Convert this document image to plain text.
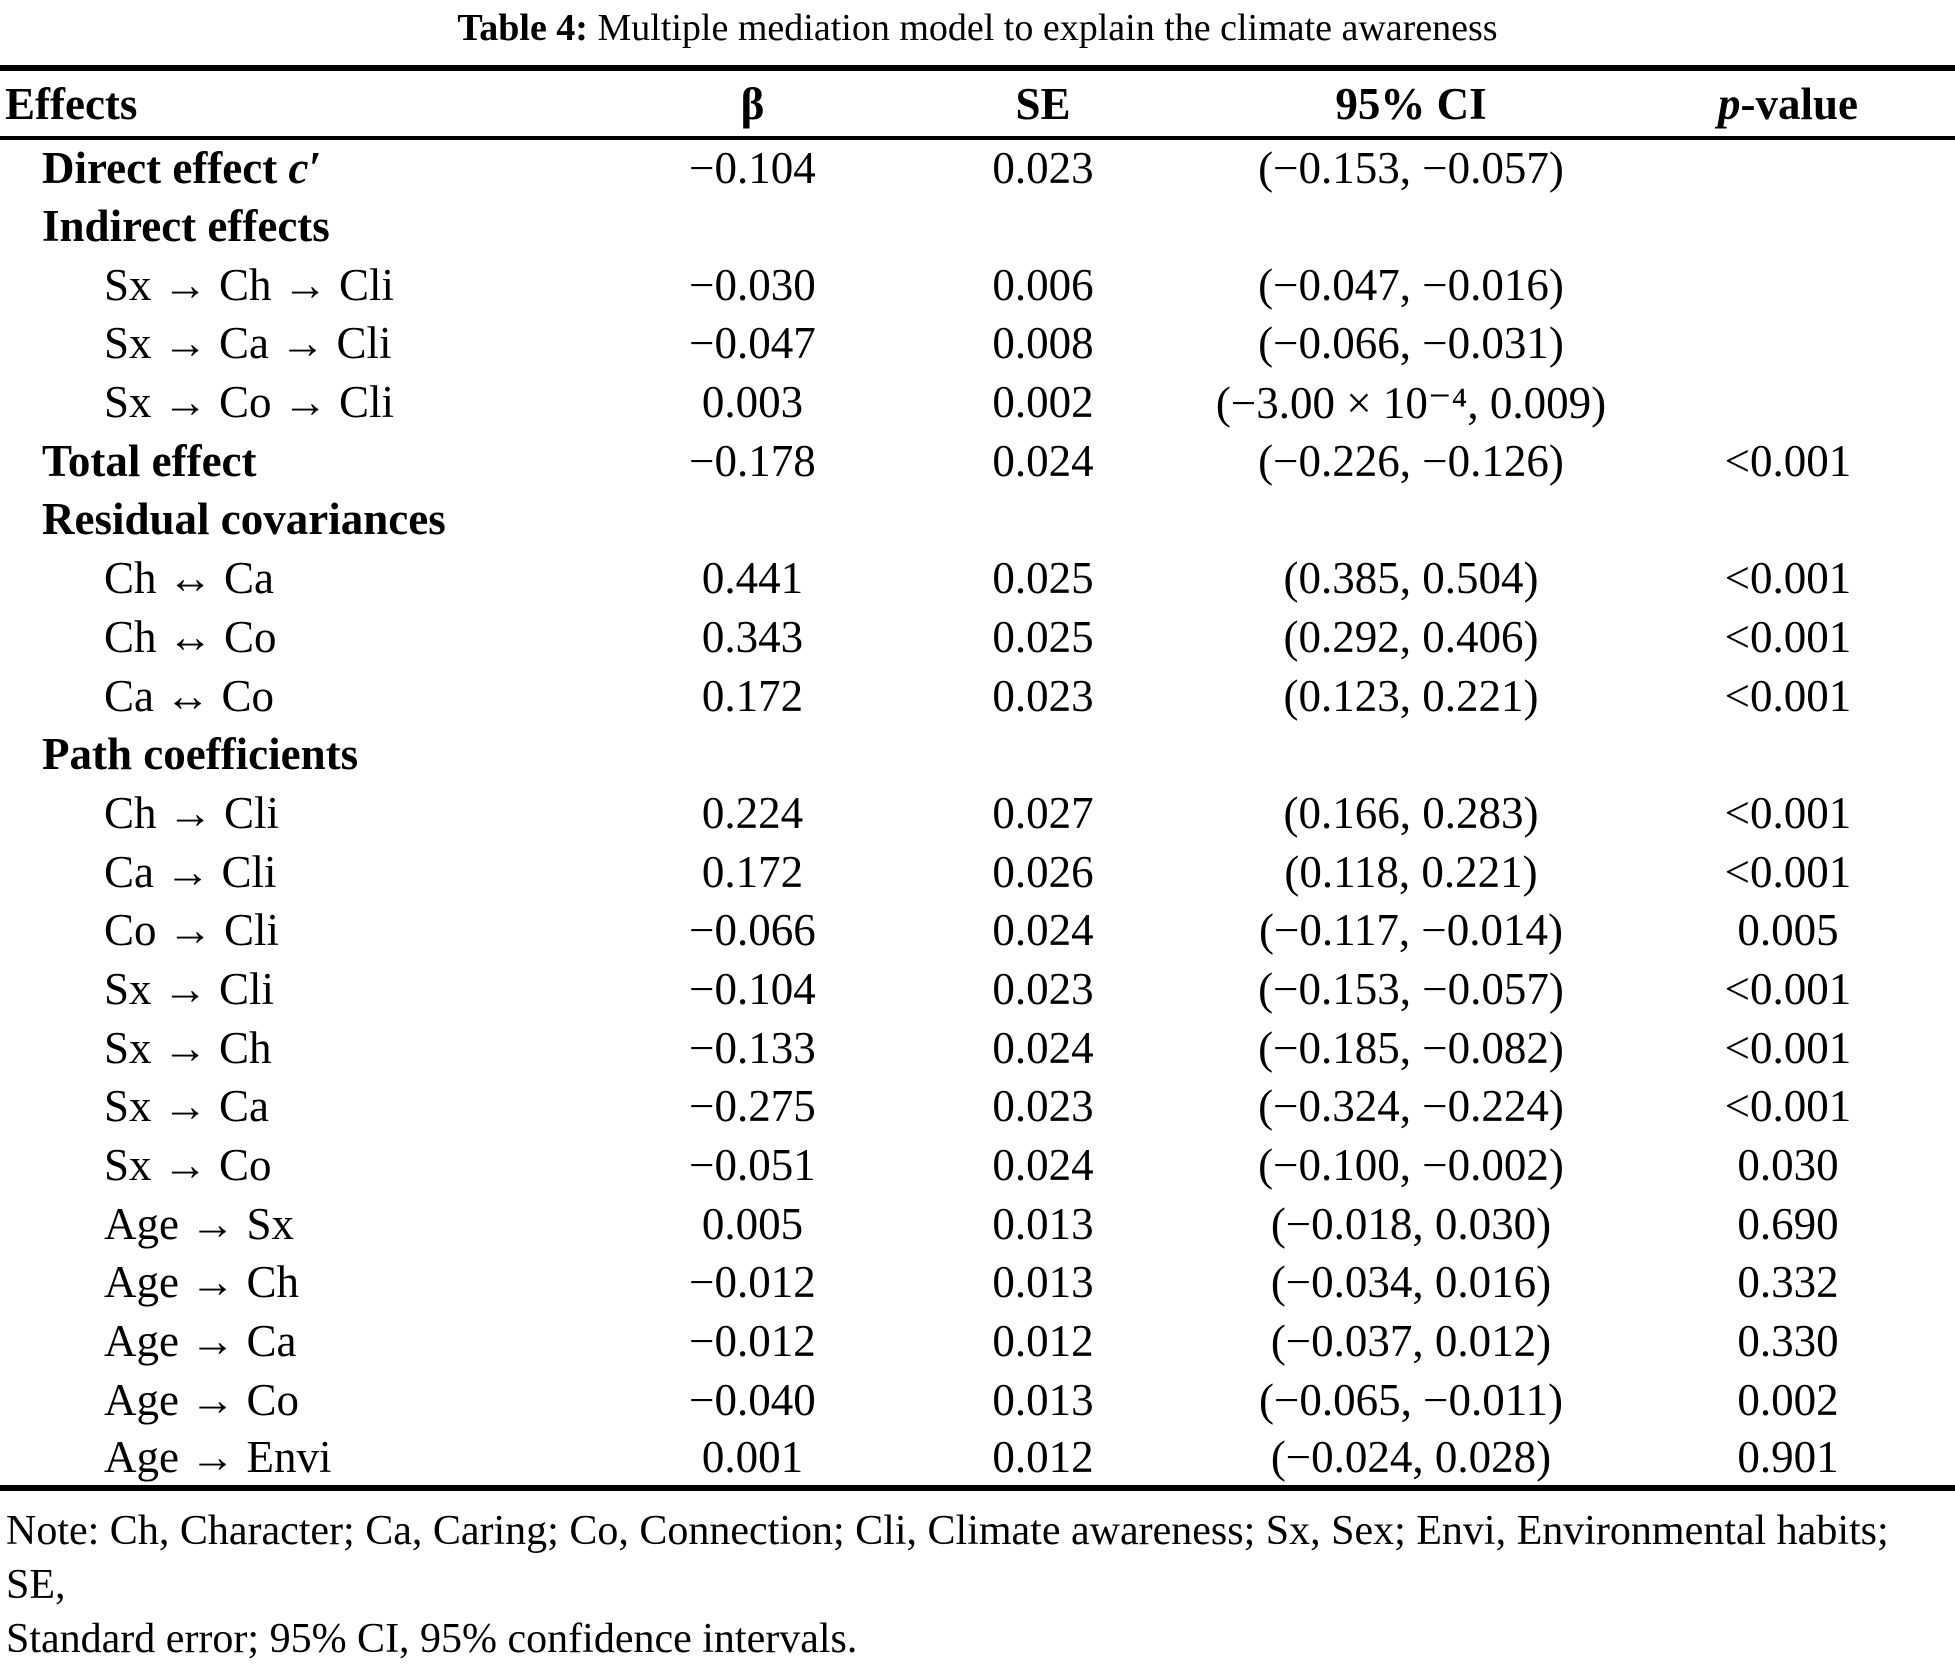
Table 4: Multiple mediation model to explain the climate awareness
Effects	β	SE	95% CI	p-value
Direct effect c′	−0.104	0.023	(−0.153, −0.057)	
Indirect effects				
Sx → Ch → Cli	−0.030	0.006	(−0.047, −0.016)	
Sx → Ca → Cli	−0.047	0.008	(−0.066, −0.031)	
Sx → Co → Cli	0.003	0.002	(−3.00 × 10⁻⁴, 0.009)	
Total effect	−0.178	0.024	(−0.226, −0.126)	<0.001
Residual covariances				
Ch ↔ Ca	0.441	0.025	(0.385, 0.504)	<0.001
Ch ↔ Co	0.343	0.025	(0.292, 0.406)	<0.001
Ca ↔ Co	0.172	0.023	(0.123, 0.221)	<0.001
Path coefficients				
Ch → Cli	0.224	0.027	(0.166, 0.283)	<0.001
Ca → Cli	0.172	0.026	(0.118, 0.221)	<0.001
Co → Cli	−0.066	0.024	(−0.117, −0.014)	0.005
Sx → Cli	−0.104	0.023	(−0.153, −0.057)	<0.001
Sx → Ch	−0.133	0.024	(−0.185, −0.082)	<0.001
Sx → Ca	−0.275	0.023	(−0.324, −0.224)	<0.001
Sx → Co	−0.051	0.024	(−0.100, −0.002)	0.030
Age → Sx	0.005	0.013	(−0.018, 0.030)	0.690
Age → Ch	−0.012	0.013	(−0.034, 0.016)	0.332
Age → Ca	−0.012	0.012	(−0.037, 0.012)	0.330
Age → Co	−0.040	0.013	(−0.065, −0.011)	0.002
Age → Envi	0.001	0.012	(−0.024, 0.028)	0.901
Note: Ch, Character; Ca, Caring; Co, Connection; Cli, Climate awareness; Sx, Sex; Envi, Environmental habits; SE,
Standard error; 95% CI, 95% confidence intervals.
